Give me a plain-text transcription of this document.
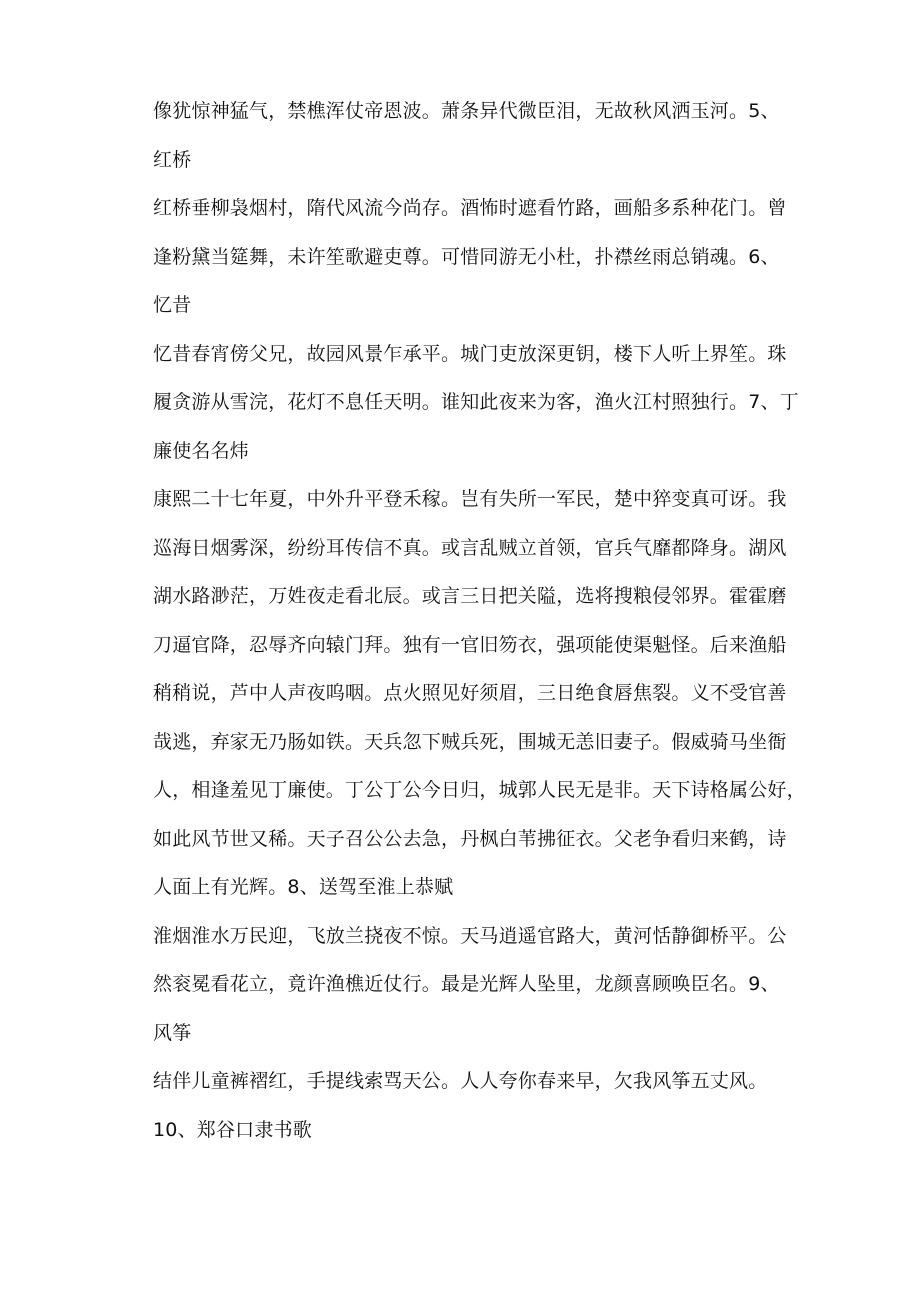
像犹惊神猛气，禁樵浑仗帝恩波。萧条异代微臣泪，无故秋风洒玉河。5、
红桥
红桥垂柳袅烟村，隋代风流今尚存。酒怖时遮看竹路，画船多系种花门。曾
逢粉黛当筵舞，未许笙歌避吏尊。可惜同游无小杜，扑襟丝雨总销魂。6、
忆昔
忆昔春宵傍父兄，故园风景乍承平。城门吏放深更钥，楼下人听上界笙。珠
履贪游从雪浣，花灯不息任天明。谁知此夜来为客，渔火江村照独行。7、丁
廉使名名炜
康熙二十七年夏，中外升平登禾稼。岂有失所一军民，楚中猝变真可讶。我
巡海日烟雾深，纷纷耳传信不真。或言乱贼立首领，官兵气靡都降身。湖风
湖水路渺茫，万姓夜走看北辰。或言三日把关隘，选将搜粮侵邻界。霍霍磨
刀逼官降，忍辱齐向辕门拜。独有一官旧笏衣，强项能使渠魁怪。后来渔船
稍稍说，芦中人声夜呜咽。点火照见好须眉，三日绝食唇焦裂。义不受官善
哉逃，弃家无乃肠如铁。天兵忽下贼兵死，围城无恙旧妻子。假威骑马坐衙
人，相逢羞见丁廉使。丁公丁公今日归，城郭人民无是非。天下诗格属公好，
如此风节世又稀。天子召公公去急，丹枫白苇拂征衣。父老争看归来鹤，诗
人面上有光辉。8、送驾至淮上恭赋
淮烟淮水万民迎，飞放兰挠夜不惊。天马逍遥官路大，黄河恬静御桥平。公
然衮冕看花立，竟许渔樵近仗行。最是光辉人坠里，龙颜喜顾唤臣名。9、
风筝
结伴儿童裤褶红，手提线索骂天公。人人夸你春来早，欠我风筝五丈风。
10、郑谷口隶书歌
